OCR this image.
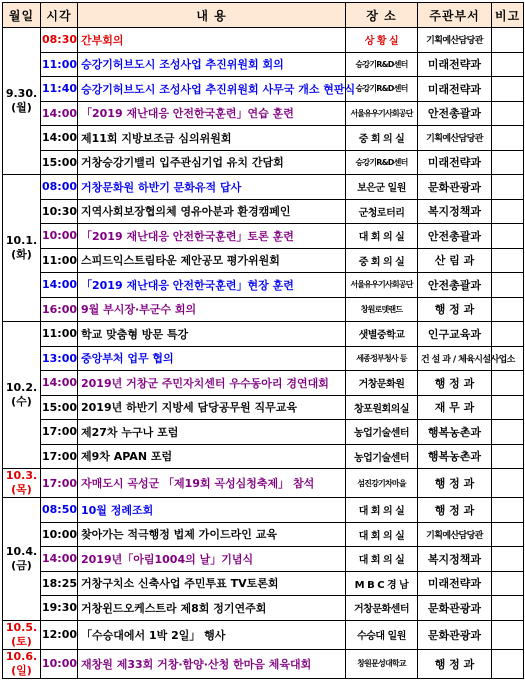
월일	시각	내 용	장 소	주관부서	비고

9.30.
(월)	08:30	간부회의	상 황 실	기획예산담당관	
	11:00	승강기허브도시 조성사업 추진위원회 회의	승강기R&D센터	미래전략과	
	11:40	승강기허브도시 조성사업 추진위원회 사무국 개소 현판식	승강기R&D센터	미래전략과	
	14:00	「2019 재난대응 안전한국훈련」연습 훈련	서울유우기사회공단	안전총괄과	
	14:00	제11회 지방보조금 심의위원회	중 회 의 실	기획예산담당관	
	15:00	거창승강기밸리 입주관심기업 유치 간담회	승강기R&D센터	미래전략과	

10.1.
(화)	08:00	거창문화원 하반기 문화유적 답사	보은군 일원	문화관광과	
	10:30	지역사회보장협의체 영유아분과 환경캠페인	군청로터리	복지정책과	
	10:00	「2019 재난대응 안전한국훈련」토론 훈련	대 회 의 실	안전총괄과	
	11:00	스피드익스트림타운 제안공모 평가위원회	중 회 의 실	산 림 과	
	14:00	「2019 재난대응 안전한국훈련」현장 훈련	서울유우기사회공단	안전총괄과	
	16:00	9월 부시장·부군수 회의	창원로뎃랜드	행 정 과	

10.2.
(수)	11:00	학교 맞춤형 방문 특강	샛별중학교	인구교육과	
	13:00	중앙부처 업무 협의	세종정부청사 등	건 설 과 / 체육시설사업소	
	14:00	2019년 거창군 주민자치센터 우수동아리 경연대회	거창문화원	행 정 과	
	15:00	2019년 하반기 지방세 담당공무원 직무교육	창포원회의실	재 무 과	
	17:00	제27차 누구나 포럼	농업기술센터	행복농촌과	
	17:00	제9차 APAN 포럼	농업기술센터	행복농촌과	

10.3.
(목)	17:00	자매도시 곡성군 「제19회 곡성심청축제」 참석	섬진강기차마을	행 정 과	

10.4.
(금)	08:50	10월 정례조회	대 회 의 실	행 정 과	
	10:00	찾아가는 적극행정 법제 가이드라인 교육	대 회 의 실	기획예산담당관	
	14:00	2019년「아림1004의 날」기념식	대 회 의 실	복지정책과	
	18:25	거창구치소 신축사업 주민투표 TV토론회	M B C 경 남	미래전략과	
	19:30	거창윈드오케스트라 제8회 정기연주회	거창문화센터	문화관광과	

10.5.
(토)	12:00	「수승대에서 1박 2일」 행사	수승대 일원	문화관광과	

10.6.
(일)	10:00	재창원 제33회 거창·함양·산청 한마음 체육대회	창원문성대학교	행 정 과	
